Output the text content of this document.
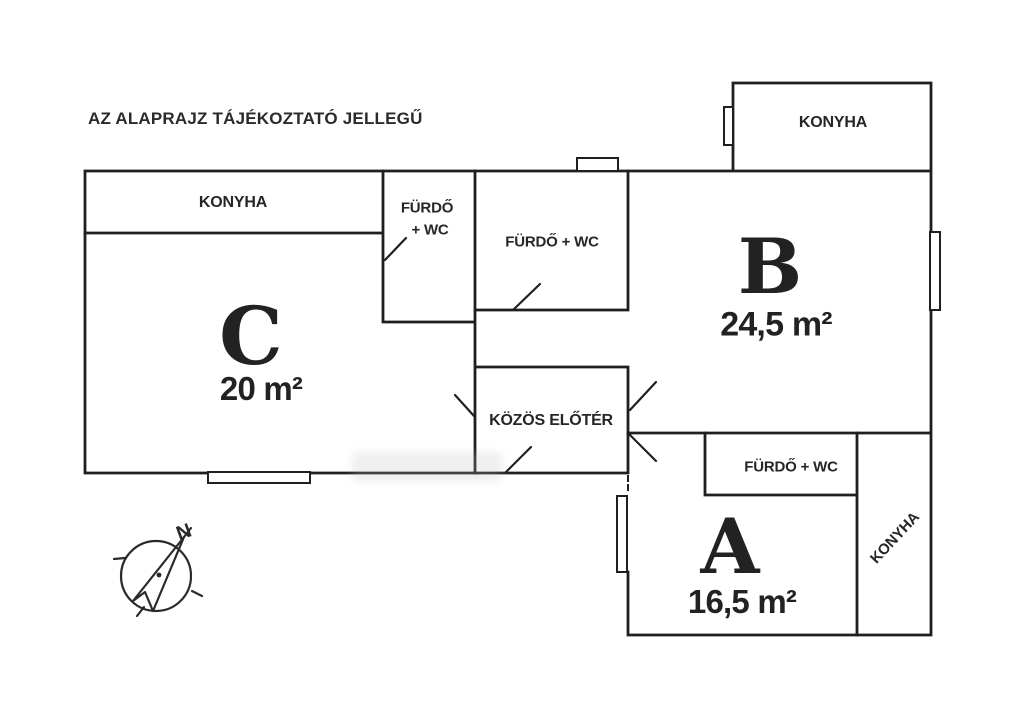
N
AZ ALAPRAJZ TÁJÉKOZTATÓ JELLEGŰ
KONYHA	FÜRDŐ
+ WC
FÜRDŐ + WC
KÖZÖS ELŐTÉR
KONYHA
FÜRDŐ + WC
KONYHA
C
20 m²
B
24,5 m²
A
16,5 m²
